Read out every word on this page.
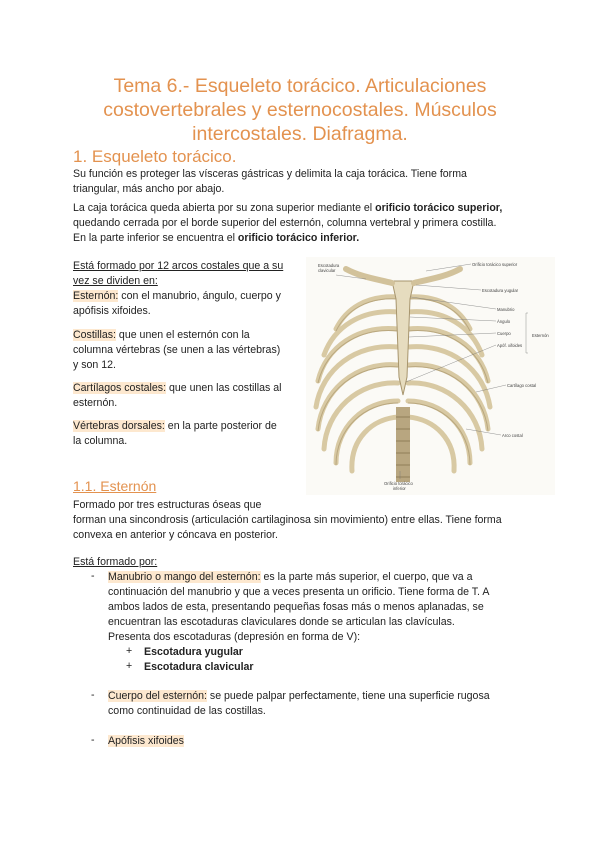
Tema 6.- Esqueleto torácico. Articulaciones
costovertebrales y esternocostales. Músculos
intercostales. Diafragma.
1. Esqueleto torácico.
Su función es proteger las vísceras gástricas y delimita la caja torácica. Tiene forma
triangular, más ancho por abajo.
La caja torácica queda abierta por su zona superior mediante el orificio torácico superior,
quedando cerrada por el borde superior del esternón, columna vertebral y primera costilla.
En la parte inferior se encuentra el orificio torácico inferior.
Está formado por 12 arcos costales que a su
vez se dividen en:
Esternón: con el manubrio, ángulo, cuerpo y
apófisis xifoides.
Costillas: que unen el esternón con la
columna vértebras (se unen a las vértebras)
y son 12.
Cartílagos costales: que unen las costillas al
esternón.
Vértebras dorsales: en la parte posterior de
la columna.
Escotadura
clavicular
Orificio torácico superior
Escotadura yugular
Manubrio
Ángulo
Cuerpo
Apóf. xifoides
Esternón
Cartílago costal
Arco costal
Orificio torácico
inferior
1.1. Esternón
Formado por tres estructuras óseas que
forman una sincondrosis (articulación cartilaginosa sin movimiento) entre ellas. Tiene forma
convexa en anterior y cóncava en posterior.
Está formado por:
- Manubrio o mango del esternón: es la parte más superior, el cuerpo, que va a
continuación del manubrio y que a veces presenta un orificio. Tiene forma de T. A
ambos lados de esta, presentando pequeñas fosas más o menos aplanadas, se
encuentran las escotaduras claviculares donde se articulan las clavículas.
Presenta dos escotaduras (depresión en forma de V):
+ Escotadura yugular
+ Escotadura clavicular
- Cuerpo del esternón: se puede palpar perfectamente, tiene una superficie rugosa
como continuidad de las costillas.
- Apófisis xifoides
